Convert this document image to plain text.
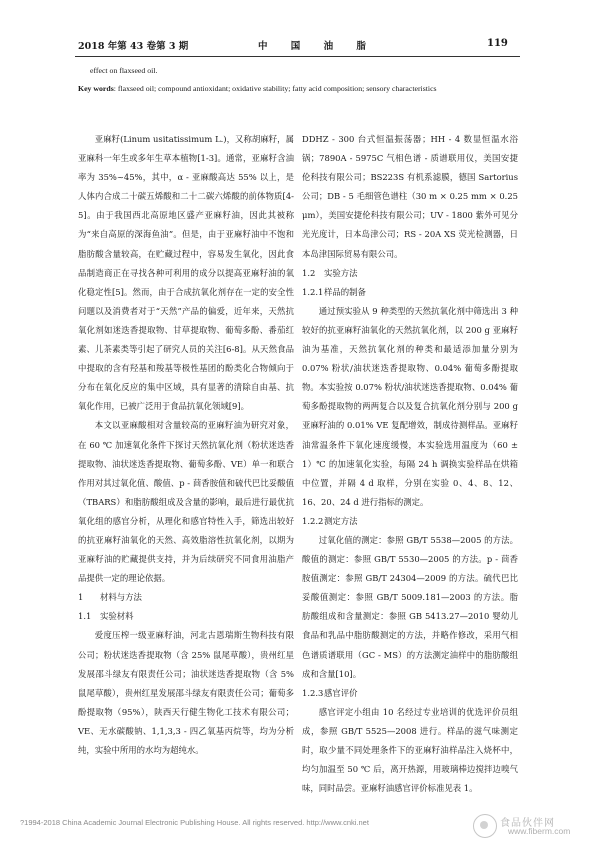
2018 年第 43 卷第 3 期	中 国 油 脂	119
effect on flaxseed oil.
Key words: flaxseed oil; compound antioxidant; oxidative stability; fatty acid composition; sensory characteristics

亚麻籽(Linum usitatissimum L.)，又称胡麻籽，属亚麻科一年生或多年生草本植物[1-3]。通常，亚麻籽含油率为 35%~45%，其中，α - 亚麻酸高达 55% 以上，是人体内合成二十碳五烯酸和二十二碳六烯酸的前体物质[4-5]。由于我国西北高原地区盛产亚麻籽油，因此其被称为“来自高原的深海鱼油”。但是，由于亚麻籽油中不饱和脂肪酸含量较高，在贮藏过程中，容易发生氧化，因此食品制造商正在寻找各种可利用的成分以提高亚麻籽油的氧化稳定性[5]。然而，由于合成抗氧化剂存在一定的安全性问题以及消费者对于“天然”产品的偏爱，近年来，天然抗氧化剂如迷迭香提取物、甘草提取物、葡萄多酚、番茄红素、儿茶素类等引起了研究人员的关注[6-8]。从天然食品中提取的含有羟基和羧基等极性基团的酚类化合物倾向于分布在氧化反应的集中区域，具有显著的清除自由基、抗氧化作用，已被广泛用于食品抗氧化领域[9]。

本文以亚麻酸相对含量较高的亚麻籽油为研究对象，在 60 ℃ 加速氧化条件下探讨天然抗氧化剂（粉状迷迭香提取物、油状迷迭香提取物、葡萄多酚、VE）单一和联合作用对其过氧化值、酸值、p - 茴香胺值和硫代巴比妥酸值（TBARS）和脂肪酸组成及含量的影响，最后进行最优抗氧化组的感官分析，从理化和感官特性入手，筛选出较好的抗亚麻籽油氧化的天然、高效脂溶性抗氧化剂，以期为亚麻籽油的贮藏提供支持，并为后续研究不同食用油脂产品提供一定的理论依据。

1 材料与方法

1.1 实验材料

爱度压榨一级亚麻籽油，河北古恩瑞斯生物科技有限公司；粉状迷迭香提取物（含 25% 鼠尾草酸），贵州红星发展邵斗绿友有限责任公司；油状迷迭香提取物（含 5% 鼠尾草酸），贵州红星发展邵斗绿友有限责任公司；葡萄多酚提取物（95%），陕西天行健生物化工技术有限公司；VE、无水碳酸钠、1,1,3,3 - 四乙氧基丙烷等，均为分析纯，实验中所用的水均为超纯水。

DDHZ - 300 台式恒温振荡器；HH - 4 数显恒温水浴锅；7890A - 5975C 气相色谱 - 质谱联用仪，美国安捷伦科技有限公司；BS223S 有机系滤膜，德国 Sartorius 公司；DB - 5 毛细管色谱柱（30 m × 0.25 mm × 0.25 μm），美国安捷伦科技有限公司；UV - 1800 紫外可见分光光度计，日本岛津公司；RS - 20A XS 荧光检测器，日本岛津国际贸易有限公司。

1.2 实验方法

1.2.1样品的制备

通过预实验从 9 种类型的天然抗氧化剂中筛选出 3 种较好的抗亚麻籽油氧化的天然抗氧化剂，以 200 g 亚麻籽油为基准，天然抗氧化剂的种类和最适添加量分别为 0.07% 粉状/油状迷迭香提取物、0.04% 葡萄多酚提取物。本实验按 0.07% 粉状/油状迷迭香提取物、0.04% 葡萄多酚提取物的两两复合以及复合抗氧化剂分别与 200 g 亚麻籽油的 0.01% VE 复配增效，制成待测样品。亚麻籽油常温条件下氧化速度缓慢，本实验选用温度为（60 ± 1）℃ 的加速氧化实验，每隔 24 h 调换实验样品在烘箱中位置，并隔 4 d 取样，分别在实验 0、4、8、12、16、20、24 d 进行指标的测定。

1.2.2测定方法

过氧化值的测定：参照 GB/T 5538—2005 的方法。酸值的测定：参照 GB/T 5530—2005 的方法。p - 茴香胺值测定：参照 GB/T 24304—2009 的方法。硫代巴比妥酸值测定：参照 GB/T 5009.181—2003 的方法。脂肪酸组成和含量测定：参照 GB 5413.27—2010 婴幼儿食品和乳品中脂肪酸测定的方法，并略作修改，采用气相色谱质谱联用（GC - MS）的方法测定油样中的脂肪酸组成和含量[10]。

1.2.3感官评价

感官评定小组由 10 名经过专业培训的优选评价员组成，参照 GB/T 5525—2008 进行。样品的滋气味测定时，取少量不同处理条件下的亚麻籽油样品注入烧杯中，均匀加温至 50 ℃ 后，离开热源，用玻璃棒边搅拌边嗅气味，同时品尝。亚麻籽油感官评价标准见表 1。

?1994-2018 China Academic Journal Electronic Publishing House. All rights reserved. http://www.cnki.net	食品伙伴网
www.fiberm.com
